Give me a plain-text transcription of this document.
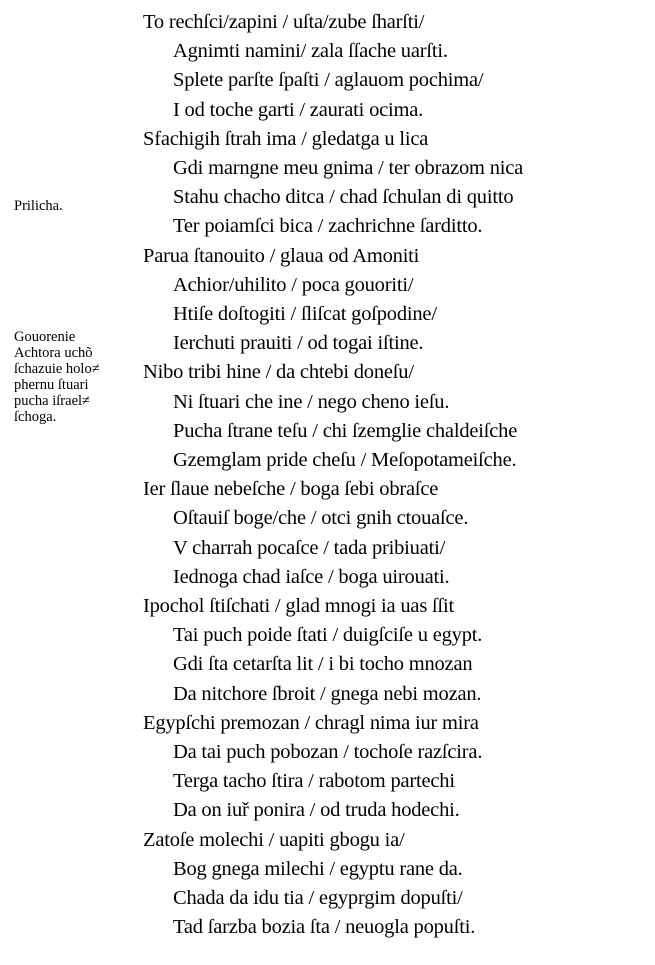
Prilicha.
Gouorenie
Achtora uchõ
ſchazuie holo≠
phernu ſtuari
pucha iſrael≠
ſchoga.
To rechſci/zapini / uſta/zube ſharſti/
Agnimti namini/ zala ſſache uarſti.
Splete parſte ſpaſti / aglauom pochima/
I od toche garti / zaurati ocima.
Sfachigih ſtrah ima / gledatga u lica
Gdi marngne meu gnima / ter obrazom nica
Stahu chacho ditca / chad ſchulan di quitto
Ter poiamſci bica / zachrichne ſarditto.
Parua ſtanouito / glaua od Amoniti
Achior/uhilito / poca gouoriti/
Htiſe doſtogiti / ſliſcat goſpodine/
Ierchuti prauiti / od togai iſtine.
Nibo tribi hine / da chtebi doneſu/
Ni ſtuari che ine / nego cheno ieſu.
Pucha ſtrane teſu / chi ſzemglie chaldeiſche
Gzemglam pride cheſu / Meſopotameiſche.
Ier ſlaue nebeſche / boga ſebi obraſce
Oſtauiſ boge/che / otci gnih ctouaſce.
V charrah pocaſce / tada pribiuati/
Iednoga chad iaſce / boga uirouati.
Ipochol ſtiſchati / glad mnogi ia uas ſſit
Tai puch poide ſtati / duigſciſe u egypt.
Gdi ſta cetarſta lit / i bi tocho mnozan
Da nitchore ſbroit / gnega nebi mozan.
Egypſchi premozan / chragl nima iur mira
Da tai puch pobozan / tochoſe razſcira.
Terga tacho ſtira / rabotom partechi
Da on iuř ponira / od truda hodechi.
Zatoſe molechi / uapiti gbogu ia/
Bog gnega milechi / egyptu rane da.
Chada da idu tia / egyprgim dopuſti/
Tad ſarzba bozia ſta / neuogla popuſti.
